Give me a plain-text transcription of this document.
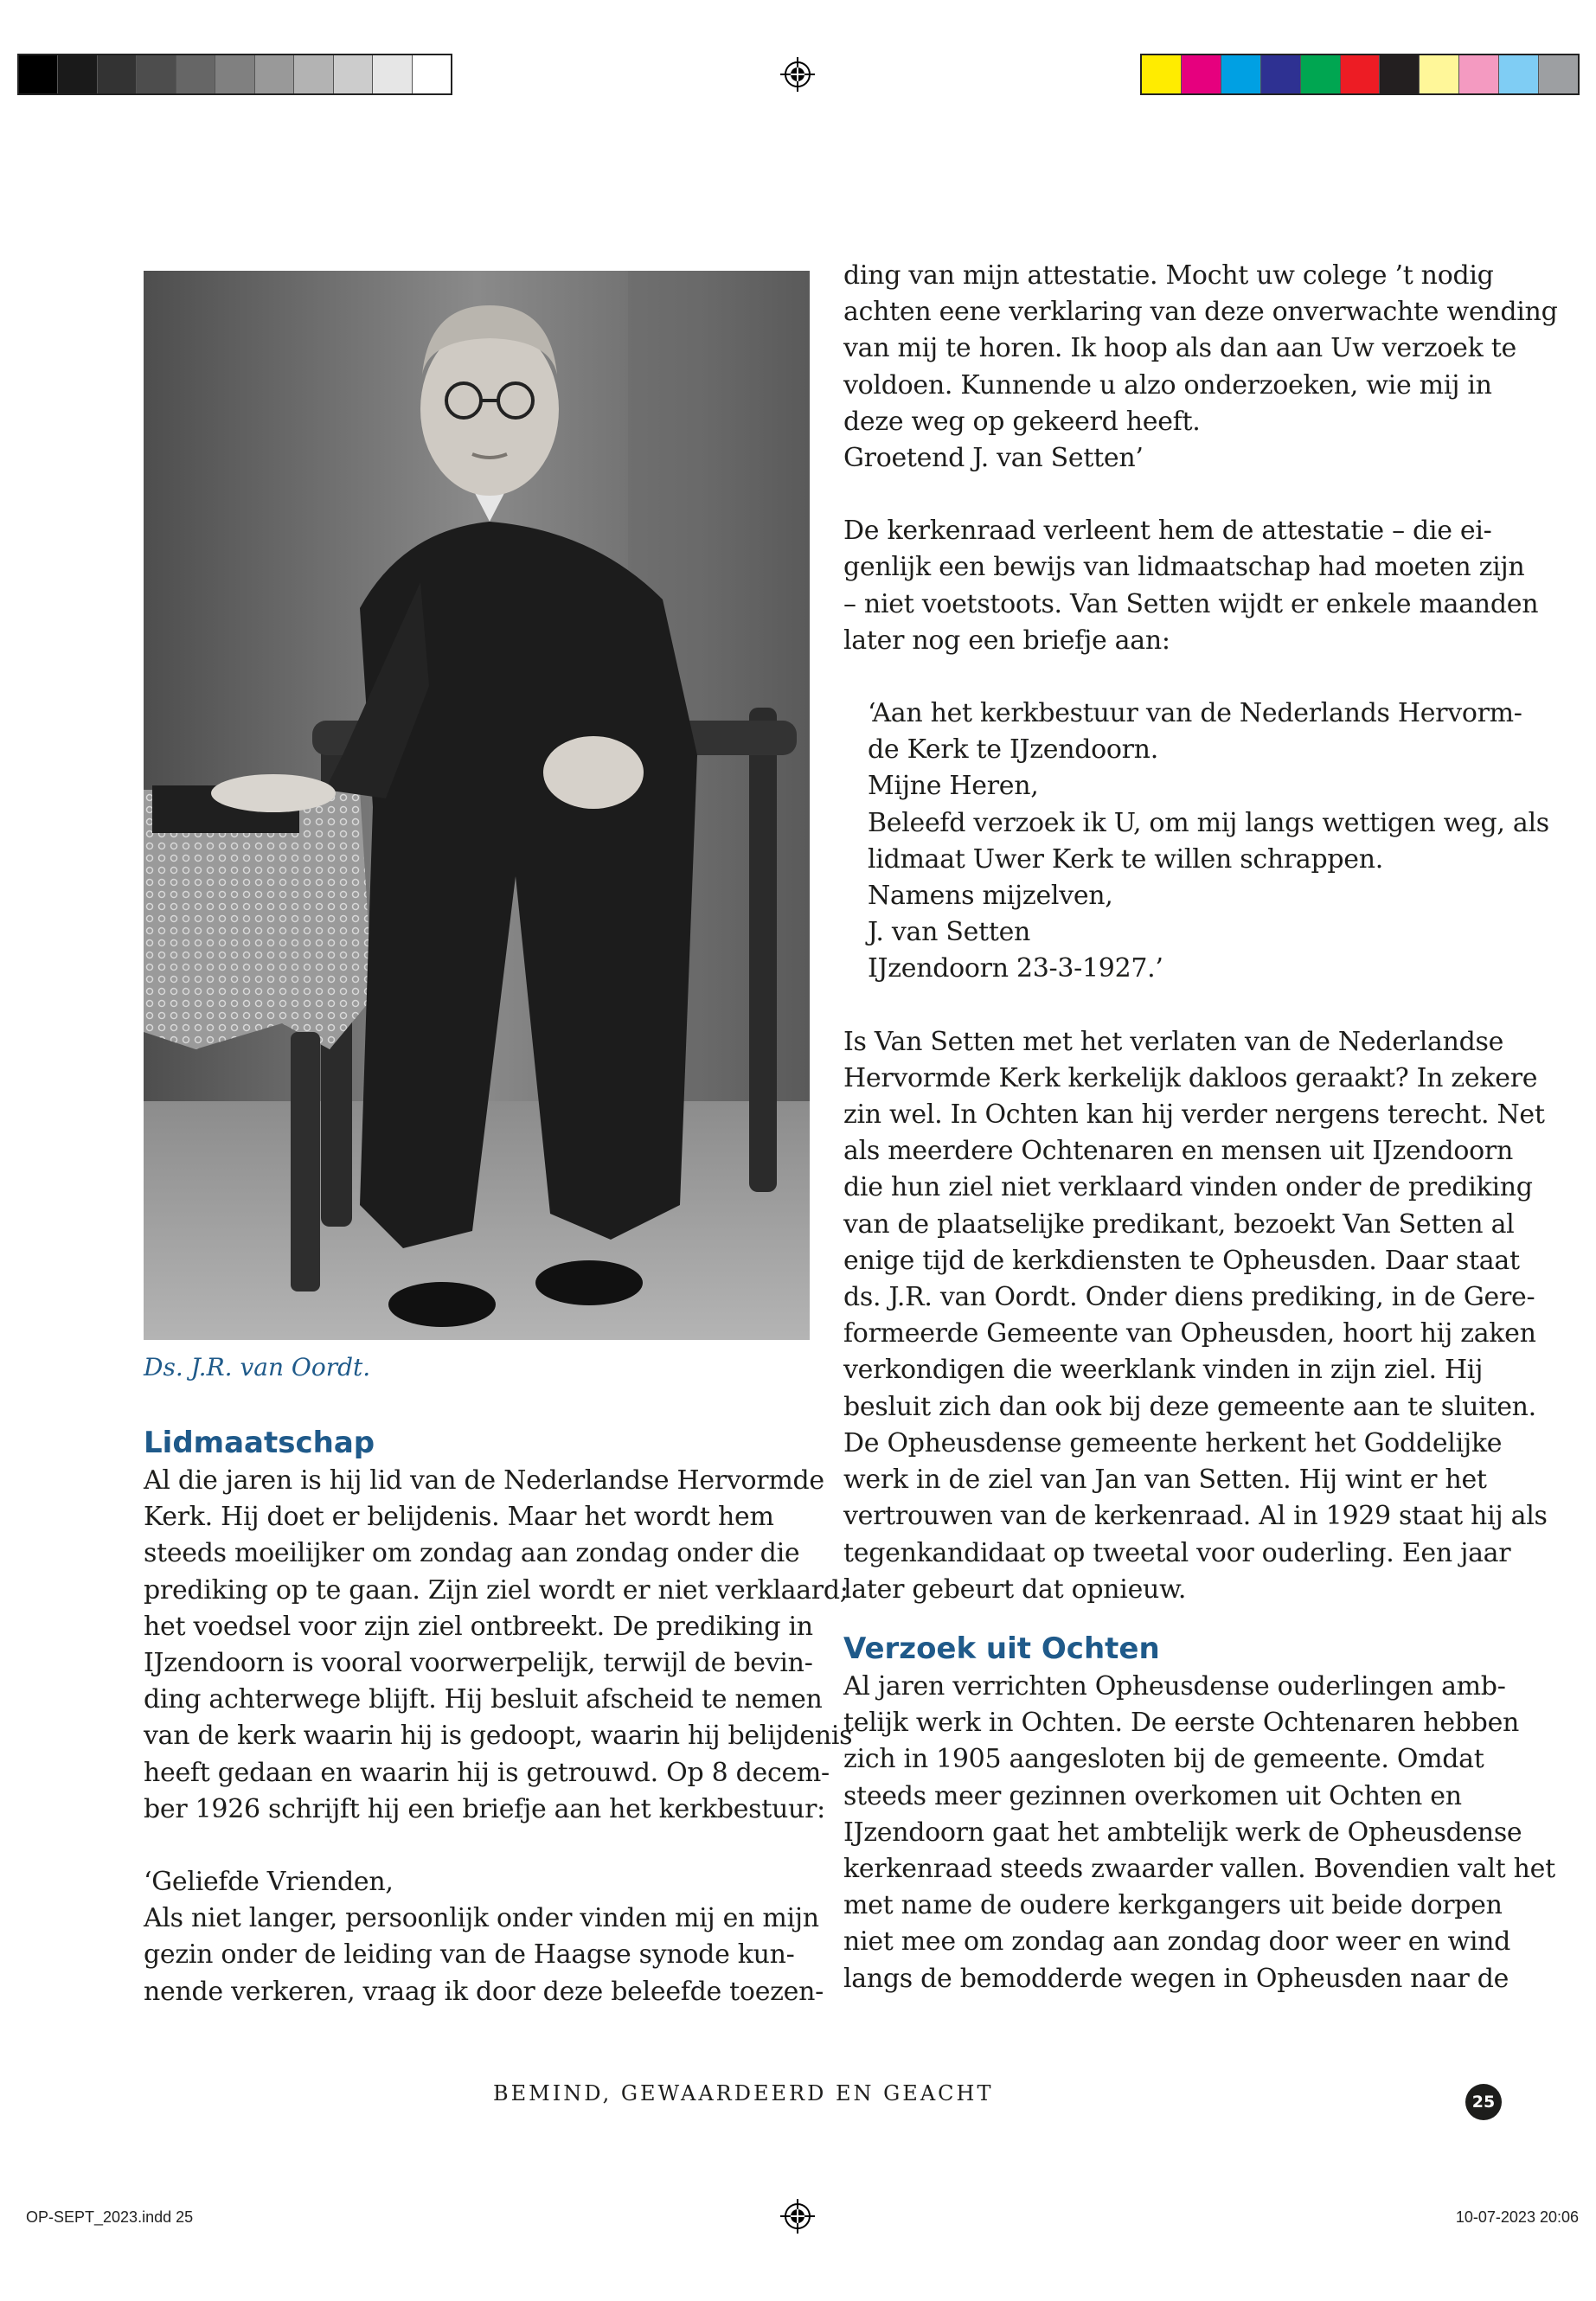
OP-SEPT_2023.indd 25	10-07-2023 20:06

Ds. J.R. van Oordt.

Lidmaatschap

Al die jaren is hij lid van de Nederlandse Hervormde
Kerk. Hij doet er belijdenis. Maar het wordt hem
steeds moeilijker om zondag aan zondag onder die
prediking op te gaan. Zijn ziel wordt er niet verklaard;
het voedsel voor zijn ziel ontbreekt. De prediking in
IJzendoorn is vooral voorwerpelijk, terwijl de bevin-
ding achterwege blijft. Hij besluit afscheid te nemen
van de kerk waarin hij is gedoopt, waarin hij belijdenis
heeft gedaan en waarin hij is getrouwd. Op 8 decem-
ber 1926 schrijft hij een briefje aan het kerkbestuur:

‘Geliefde Vrienden,
Als niet langer, persoonlijk onder vinden mij en mijn
gezin onder de leiding van de Haagse synode kun-
nende verkeren, vraag ik door deze beleefde toezen-

ding van mijn attestatie. Mocht uw colege ’t nodig
achten eene verklaring van deze onverwachte wending
van mij te horen. Ik hoop als dan aan Uw verzoek te
voldoen. Kunnende u alzo onderzoeken, wie mij in
deze weg op gekeerd heeft.
Groetend J. van Setten’

De kerkenraad verleent hem de attestatie – die ei-
genlijk een bewijs van lidmaatschap had moeten zijn
– niet voetstoots. Van Setten wijdt er enkele maanden
later nog een briefje aan:

‘Aan het kerkbestuur van de Nederlands Hervorm-
de Kerk te IJzendoorn.
Mijne Heren,
Beleefd verzoek ik U, om mij langs wettigen weg, als
lidmaat Uwer Kerk te willen schrappen.
Namens mijzelven,
J. van Setten
IJzendoorn 23-3-1927.’

Is Van Setten met het verlaten van de Nederlandse
Hervormde Kerk kerkelijk dakloos geraakt? In zekere
zin wel. In Ochten kan hij verder nergens terecht. Net
als meerdere Ochtenaren en mensen uit IJzendoorn
die hun ziel niet verklaard vinden onder de prediking
van de plaatselijke predikant, bezoekt Van Setten al
enige tijd de kerkdiensten te Opheusden. Daar staat
ds. J.R. van Oordt. Onder diens prediking, in de Gere-
formeerde Gemeente van Opheusden, hoort hij zaken
verkondigen die weerklank vinden in zijn ziel. Hij
besluit zich dan ook bij deze gemeente aan te sluiten.
De Opheusdense gemeente herkent het Goddelijke
werk in de ziel van Jan van Setten. Hij wint er het
vertrouwen van de kerkenraad. Al in 1929 staat hij als
tegenkandidaat op tweetal voor ouderling. Een jaar
later gebeurt dat opnieuw.

Verzoek uit Ochten

Al jaren verrichten Opheusdense ouderlingen amb-
telijk werk in Ochten. De eerste Ochtenaren hebben
zich in 1905 aangesloten bij de gemeente. Omdat
steeds meer gezinnen overkomen uit Ochten en
IJzendoorn gaat het ambtelijk werk de Opheusdense
kerkenraad steeds zwaarder vallen. Bovendien valt het
met name de oudere kerkgangers uit beide dorpen
niet mee om zondag aan zondag door weer en wind
langs de bemodderde wegen in Opheusden naar de

BEMIND, GEWAARDEERD EN GEACHT	25
